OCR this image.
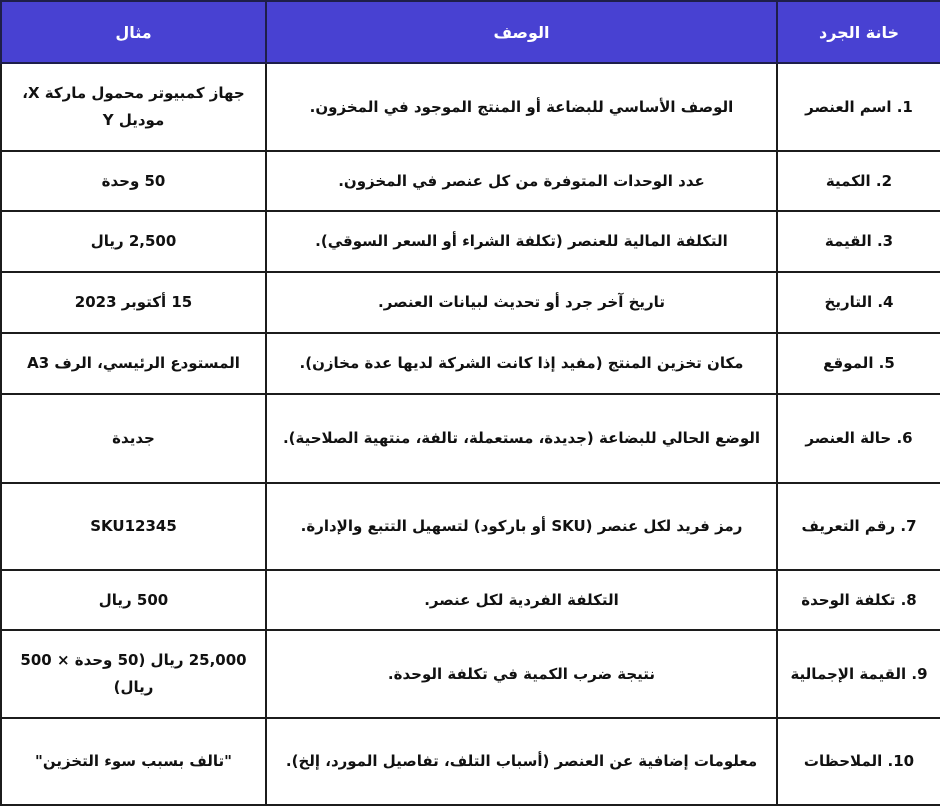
خانة الجرد	الوصف	مثال
1. اسم العنصر	الوصف الأساسي للبضاعة أو المنتج الموجود في المخزون.	جهاز كمبيوتر محمول ماركة X، موديل Y
2. الكمية	عدد الوحدات المتوفرة من كل عنصر في المخزون.	50 وحدة
3. القيمة	التكلفة المالية للعنصر (تكلفة الشراء أو السعر السوقي).	2,500 ريال
4. التاريخ	تاريخ آخر جرد أو تحديث لبيانات العنصر.	15 أكتوبر 2023
5. الموقع	مكان تخزين المنتج (مفيد إذا كانت الشركة لديها عدة مخازن).	المستودع الرئيسي، الرف A3
6. حالة العنصر	الوضع الحالي للبضاعة (جديدة، مستعملة، تالفة، منتهية الصلاحية).	جديدة
7. رقم التعريف	رمز فريد لكل عنصر (SKU أو باركود) لتسهيل التتبع والإدارة.	SKU12345
8. تكلفة الوحدة	التكلفة الفردية لكل عنصر.	500 ريال
9. القيمة الإجمالية	نتيجة ضرب الكمية في تكلفة الوحدة.	25,000 ريال (50 وحدة × 500 ريال)
10. الملاحظات	معلومات إضافية عن العنصر (أسباب التلف، تفاصيل المورد، إلخ).	"تالف بسبب سوء التخزين"
